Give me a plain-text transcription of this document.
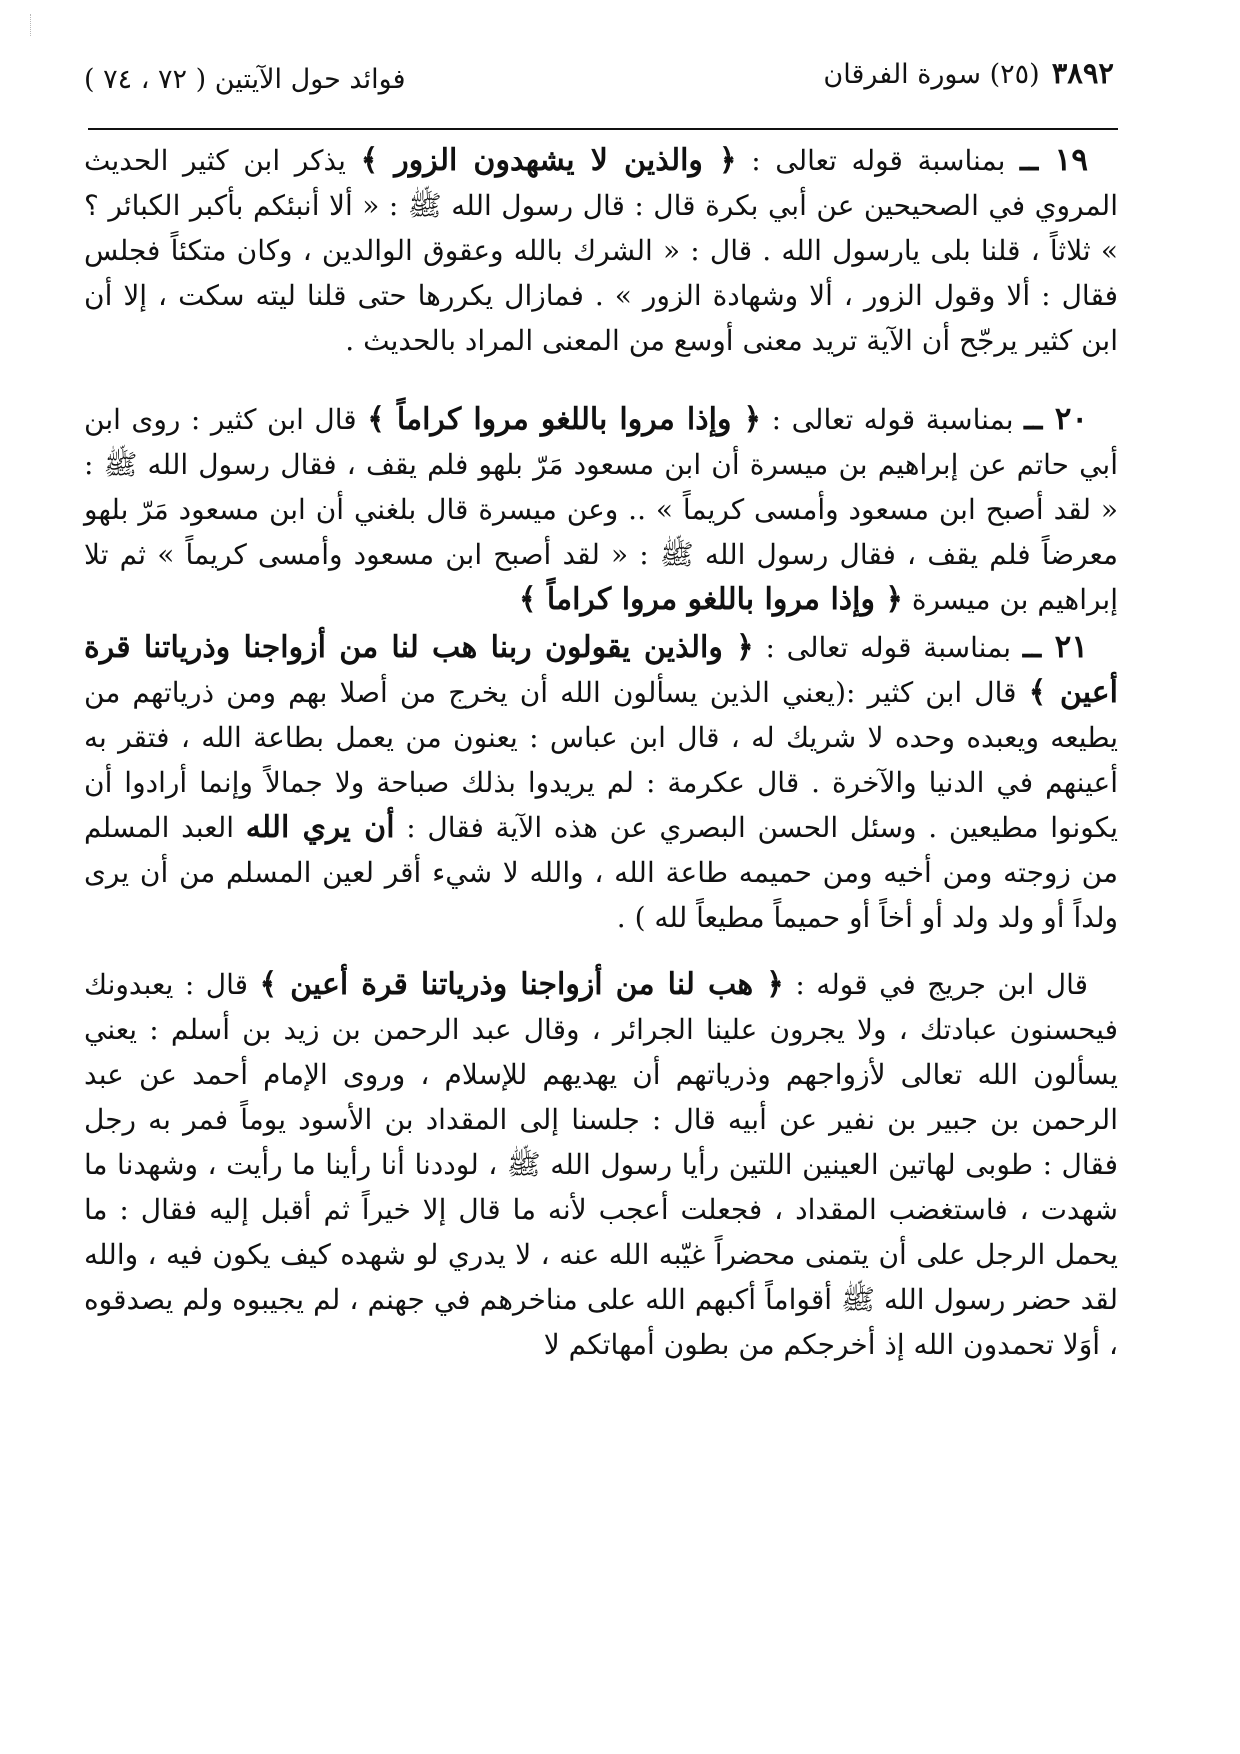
٣٨٩٢
(٢٥) سورة الفرقان
فوائد حول الآيتين ( ٧٢ ، ٧٤ )

١٩ ــ بمناسبة قوله تعالى : ﴿ والذين لا يشهدون الزور ﴾ يذكر ابن كثير الحديث المروي في الصحيحين عن أبي بكرة قال : قال رسول الله ﷺ : « ألا أنبئكم بأكبر الكبائر ؟ » ثلاثاً ، قلنا بلى يارسول الله . قال : « الشرك بالله وعقوق الوالدين ، وكان متكئاً فجلس فقال : ألا وقول الزور ، ألا وشهادة الزور » . فمازال يكررها حتى قلنا ليته سكت ، إلا أن ابن كثير يرجّح أن الآية تريد معنى أوسع من المعنى المراد بالحديث .

٢٠ ــ بمناسبة قوله تعالى : ﴿ وإذا مروا باللغو مروا كراماً ﴾ قال ابن كثير : روى ابن أبي حاتم عن إبراهيم بن ميسرة أن ابن مسعود مَرّ بلهو فلم يقف ، فقال رسول الله ﷺ : « لقد أصبح ابن مسعود وأمسى كريماً » .. وعن ميسرة قال بلغني أن ابن مسعود مَرّ بلهو معرضاً فلم يقف ، فقال رسول الله ﷺ : « لقد أصبح ابن مسعود وأمسى كريماً » ثم تلا إبراهيم بن ميسرة ﴿ وإذا مروا باللغو مروا كراماً ﴾

٢١ ــ بمناسبة قوله تعالى : ﴿ والذين يقولون ربنا هب لنا من أزواجنا وذرياتنا قرة أعين ﴾ قال ابن كثير :(يعني الذين يسألون الله أن يخرج من أصلا بهم ومن ذرياتهم من يطيعه ويعبده وحده لا شريك له ، قال ابن عباس : يعنون من يعمل بطاعة الله ، فتقر به أعينهم في الدنيا والآخرة . قال عكرمة : لم يريدوا بذلك صباحة ولا جمالاً وإنما أرادوا أن يكونوا مطيعين . وسئل الحسن البصري عن هذه الآية فقال : أن يري الله العبد المسلم من زوجته ومن أخيه ومن حميمه طاعة الله ، والله لا شيء أقر لعين المسلم من أن يرى ولداً أو ولد ولد أو أخاً أو حميماً مطيعاً لله ) .

قال ابن جريج في قوله : ﴿ هب لنا من أزواجنا وذرياتنا قرة أعين ﴾ قال : يعبدونك فيحسنون عبادتك ، ولا يجرون علينا الجرائر ، وقال عبد الرحمن بن زيد بن أسلم : يعني يسألون الله تعالى لأزواجهم وذرياتهم أن يهديهم للإسلام ، وروى الإمام أحمد عن عبد الرحمن بن جبير بن نفير عن أبيه قال : جلسنا إلى المقداد بن الأسود يوماً فمر به رجل فقال : طوبى لهاتين العينين اللتين رأيا رسول الله ﷺ ، لوددنا أنا رأينا ما رأيت ، وشهدنا ما شهدت ، فاستغضب المقداد ، فجعلت أعجب لأنه ما قال إلا خيراً ثم أقبل إليه فقال : ما يحمل الرجل على أن يتمنى محضراً غيّبه الله عنه ، لا يدري لو شهده كيف يكون فيه ، والله لقد حضر رسول الله ﷺ أقواماً أكبهم الله على مناخرهم في جهنم ، لم يجيبوه ولم يصدقوه ، أوَلا تحمدون الله إذ أخرجكم من بطون أمهاتكم لا
